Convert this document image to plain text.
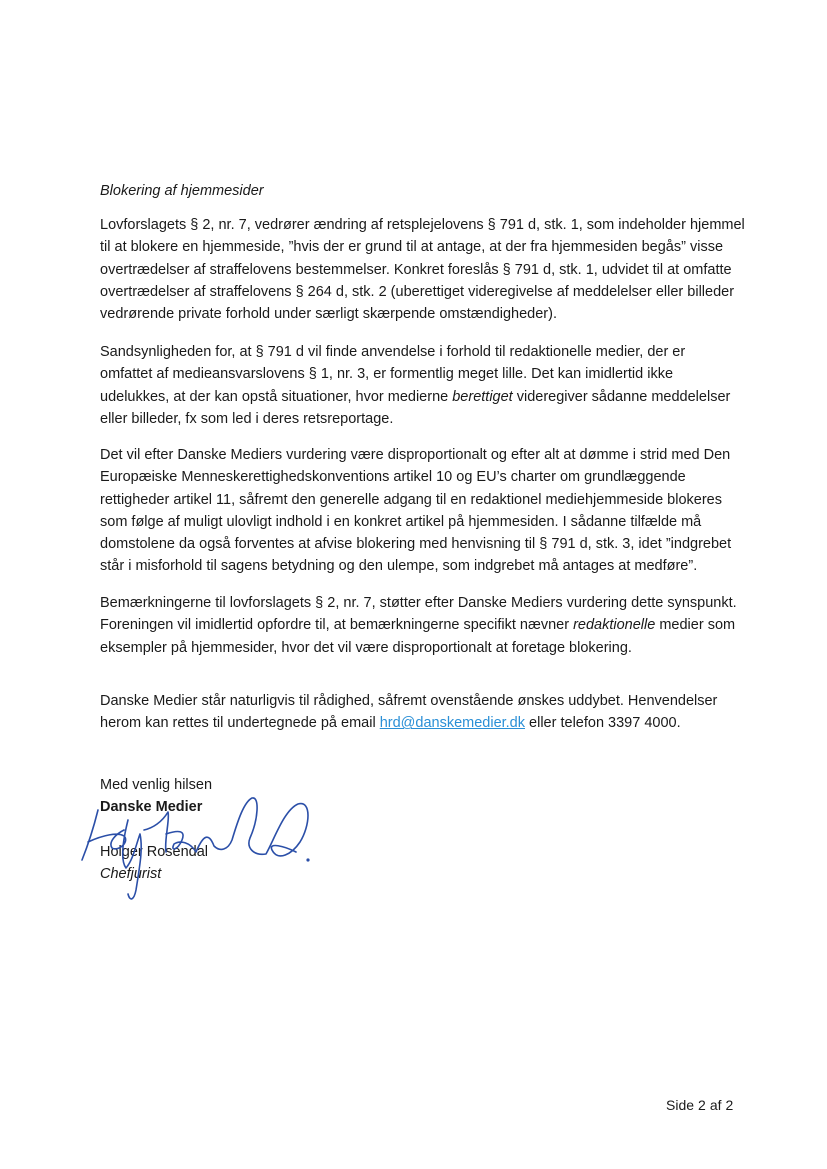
Blokering af hjemmesider
Lovforslagets § 2, nr. 7, vedrører ændring af retsplejelovens § 791 d, stk. 1, som indeholder hjemmel
til at blokere en hjemmeside, ”hvis der er grund til at antage, at der fra hjemmesiden begås” visse
overtrædelser af straffelovens bestemmelser. Konkret foreslås § 791 d, stk. 1, udvidet til at omfatte
overtrædelser af straffelovens § 264 d, stk. 2 (uberettiget videregivelse af meddelelser eller billeder
vedrørende private forhold under særligt skærpende omstændigheder).
Sandsynligheden for, at § 791 d vil finde anvendelse i forhold til redaktionelle medier, der er
omfattet af medieansvarslovens § 1, nr. 3, er formentlig meget lille. Det kan imidlertid ikke
udelukkes, at der kan opstå situationer, hvor medierne berettiget videregiver sådanne meddelelser
eller billeder, fx som led i deres retsreportage.
Det vil efter Danske Mediers vurdering være disproportionalt og efter alt at dømme i strid med Den
Europæiske Menneskerettighedskonventions artikel 10 og EU’s charter om grundlæggende
rettigheder artikel 11, såfremt den generelle adgang til en redaktionel mediehjemmeside blokeres
som følge af muligt ulovligt indhold i en konkret artikel på hjemmesiden. I sådanne tilfælde må
domstolene da også forventes at afvise blokering med henvisning til § 791 d, stk. 3, idet ”indgrebet
står i misforhold til sagens betydning og den ulempe, som indgrebet må antages at medføre”.
Bemærkningerne til lovforslagets § 2, nr. 7, støtter efter Danske Mediers vurdering dette synspunkt.
Foreningen vil imidlertid opfordre til, at bemærkningerne specifikt nævner redaktionelle medier som
eksempler på hjemmesider, hvor det vil være disproportionalt at foretage blokering.
Danske Medier står naturligvis til rådighed, såfremt ovenstående ønskes uddybet. Henvendelser
herom kan rettes til undertegnede på email hrd@danskemedier.dk eller telefon 3397 4000.
Med venlig hilsen
Danske Medier
Holger Rosendal
Chefjurist
Side 2 af 2
